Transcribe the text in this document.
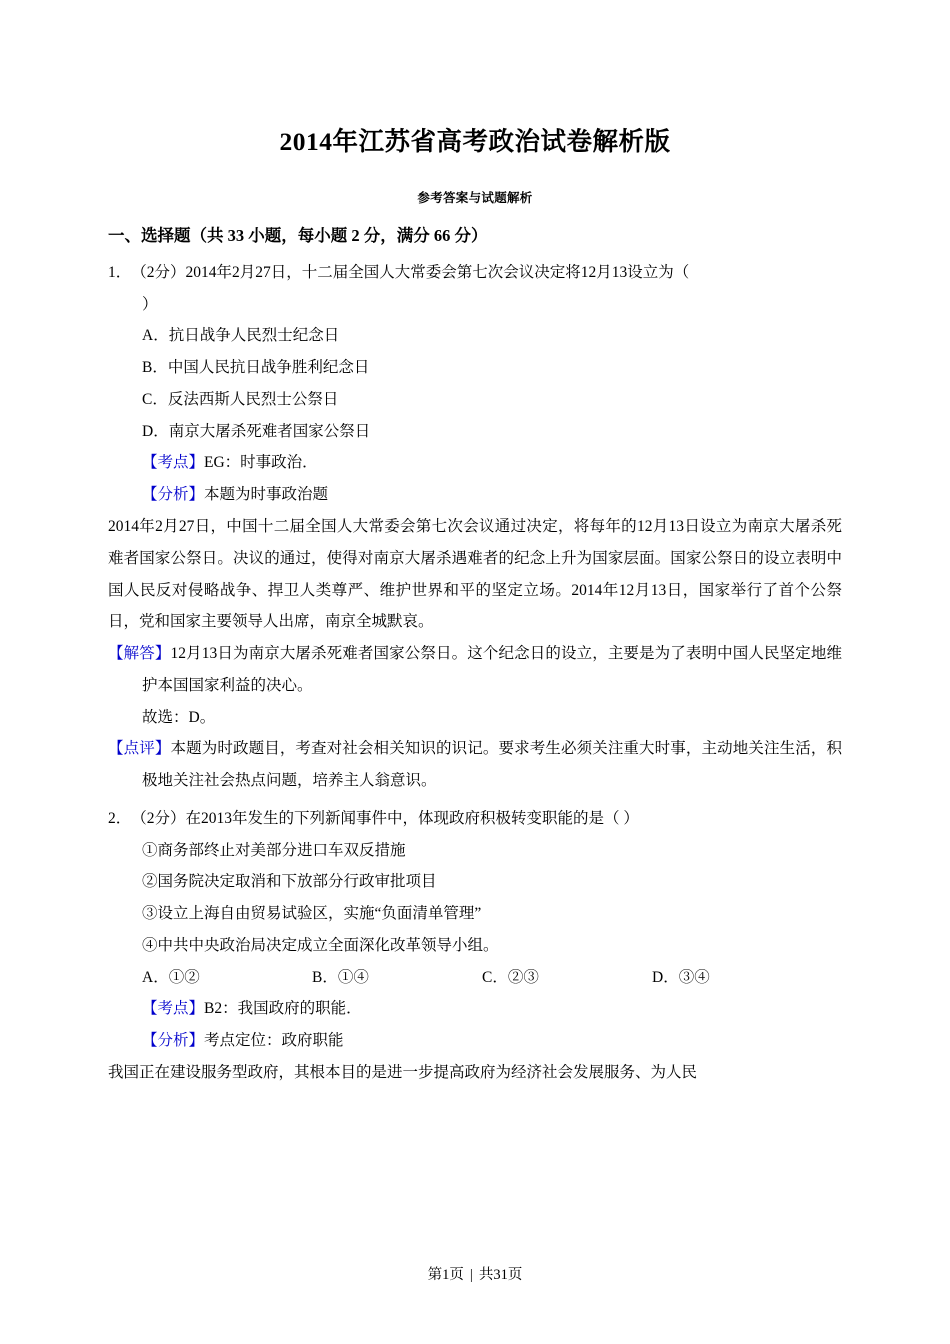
2014年江苏省高考政治试卷解析版
参考答案与试题解析
一、选择题（共 33 小题，每小题 2 分，满分 66 分）
1．（2分）2014年2月27日，十二届全国人大常委会第七次会议决定将12月13设立为（
）
A．抗日战争人民烈士纪念日
B．中国人民抗日战争胜利纪念日
C．反法西斯人民烈士公祭日
D．南京大屠杀死难者国家公祭日
【考点】EG：时事政治．
【分析】本题为时事政治题
2014年2月27日，中国十二届全国人大常委会第七次会议通过决定，将每年的12月13日设立为南京大屠杀死难者国家公祭日。决议的通过，使得对南京大屠杀遇难者的纪念上升为国家层面。国家公祭日的设立表明中国人民反对侵略战争、捍卫人类尊严、维护世界和平的坚定立场。2014年12月13日，国家举行了首个公祭日，党和国家主要领导人出席，南京全城默哀。
【解答】12月13日为南京大屠杀死难者国家公祭日。这个纪念日的设立，主要是为了表明中国人民坚定地维护本国国家利益的决心。
故选：D。
【点评】本题为时政题目，考查对社会相关知识的识记。要求考生必须关注重大时事，主动地关注生活，积极地关注社会热点问题，培养主人翁意识。
2．（2分）在2013年发生的下列新闻事件中，体现政府积极转变职能的是（ ）
①商务部终止对美部分进口车双反措施
②国务院决定取消和下放部分行政审批项目
③设立上海自由贸易试验区，实施“负面清单管理”
④中共中央政治局决定成立全面深化改革领导小组。
A．①②	B．①④	C．②③	D．③④
【考点】B2：我国政府的职能．
【分析】考点定位：政府职能
我国正在建设服务型政府，其根本目的是进一步提高政府为经济社会发展服务、为人民
第1页 | 共31页
